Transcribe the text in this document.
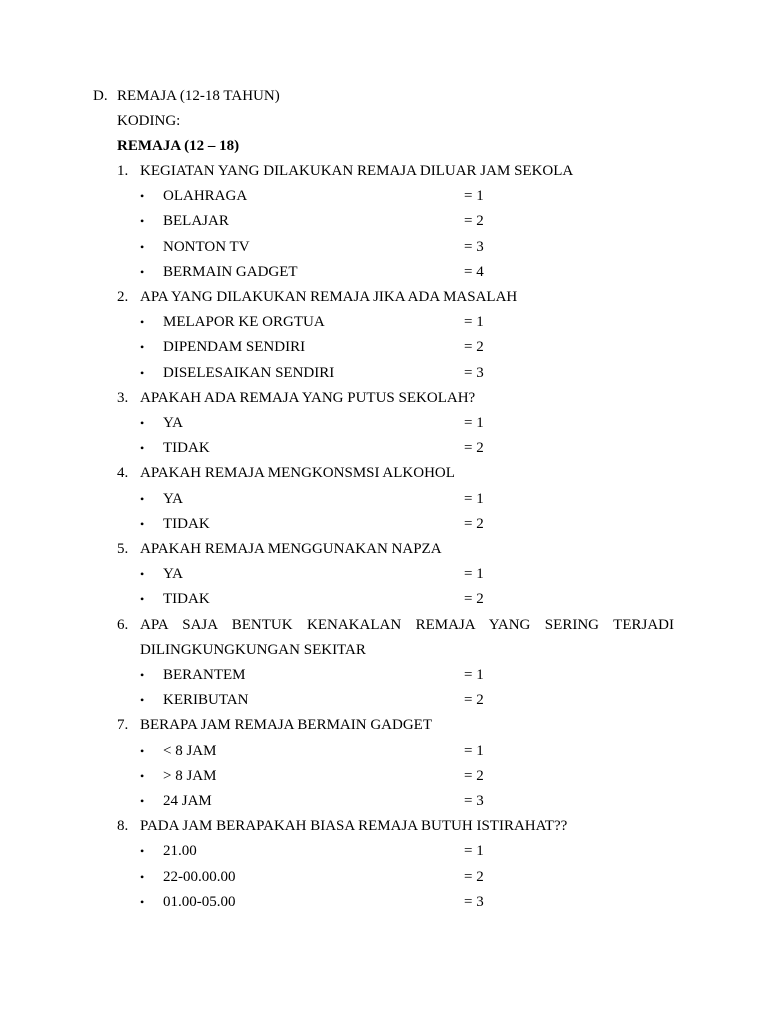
D. REMAJA (12-18 TAHUN)
KODING:
REMAJA (12 – 18)
1. KEGIATAN YANG DILAKUKAN REMAJA DILUAR JAM SEKOLA
• OLAHRAGA	= 1
• BELAJAR	= 2
• NONTON TV	= 3
• BERMAIN GADGET	= 4
2. APA YANG DILAKUKAN REMAJA JIKA ADA MASALAH
• MELAPOR KE ORGTUA	= 1
• DIPENDAM SENDIRI	= 2
• DISELESAIKAN SENDIRI	= 3
3. APAKAH ADA REMAJA YANG PUTUS SEKOLAH?
• YA	= 1
• TIDAK	= 2
4. APAKAH REMAJA MENGKONSMSI ALKOHOL
• YA	= 1
• TIDAK	= 2
5. APAKAH REMAJA MENGGUNAKAN NAPZA
• YA	= 1
• TIDAK	= 2
6. APA SAJA BENTUK KENAKALAN REMAJA YANG SERING TERJADI
DILINGKUNGKUNGAN SEKITAR
• BERANTEM	= 1
• KERIBUTAN	= 2
7. BERAPA JAM REMAJA BERMAIN GADGET
• < 8 JAM	= 1
• > 8 JAM	= 2
• 24 JAM	= 3
8. PADA JAM BERAPAKAH BIASA REMAJA BUTUH ISTIRAHAT??
• 21.00	= 1
• 22-00.00.00	= 2
• 01.00-05.00	= 3
